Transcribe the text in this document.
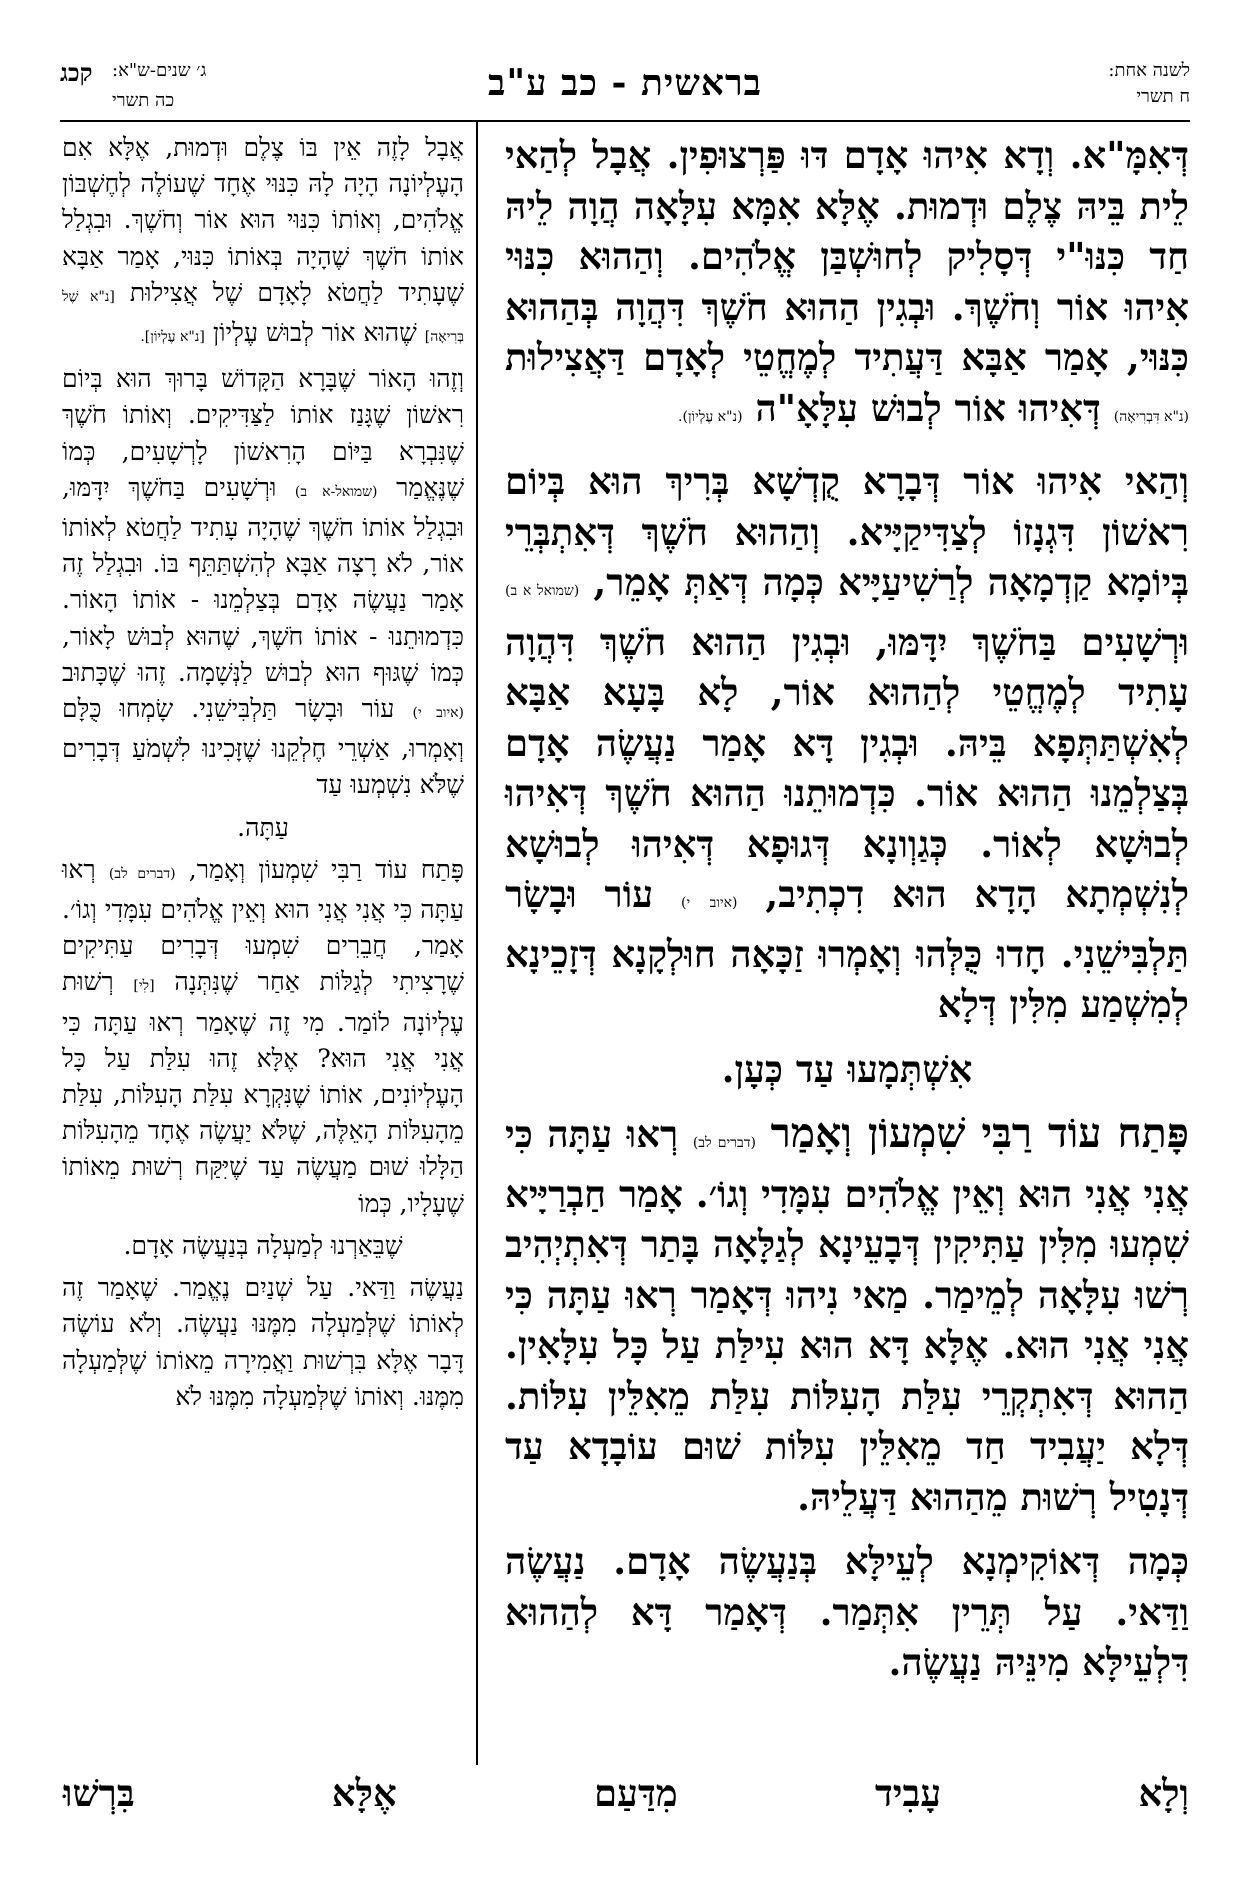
לשנה אחת:
ח תשרי
בראשית - כב ע"ב
ג׳ שנים-ש"א:
כה תשרי
קכג

דְּאִמָּ"א. וְדָא אִיהוּ אָדָם דּוּ פַּרְצוּפִין. אֲבָל לְהַאי לֵית בֵּיהּ צֶלֶם וּדְמוּת. אֶלָּא אִמָּא עִלָּאָה הֲוָה לֵיהּ חַד כִּנּוּ"י דְּסָלִיק לְחוּשְׁבַּן אֱלֹהִים. וְהַהוּא כִּנּוּי אִיהוּ אוֹר וְחֹשֶׁךְ. וּבְגִין הַהוּא חֹשֶׁךְ דִּהֲוָה בְּהַהוּא כִּנּוּי, אָמַר אַבָּא דַּעֲתִיד לְמֶחֱטֵי לְאָדָם דַּאֲצִילוּת (נ"א דִּבְרִיאָה) דְּאִיהוּ אוֹר לְבוּשׁ עִלָּאָ"ה (נ"א עֶלְיוֹן).

וְהַאי אִיהוּ אוֹר דְּבָרָא קֻדְשָׁא בְּרִיךְ הוּא בְּיוֹם רִאשׁוֹן דִּגְנָזוֹ לְצַדִּיקַיָּיא. וְהַהוּא חֹשֶׁךְ דְּאִתְבְּרֵי בְּיוֹמָא קַדְמָאָה לְרַשִׁיעַיָּיא כְּמָה דְּאַתְּ אָמֵר, (שמואל א ב) וּרְשָׁעִים בַּחֹשֶׁךְ יִדָּמּוּ, וּבְגִין הַהוּא חֹשֶׁךְ דִּהֲוָה עָתִיד לְמֶחֱטֵי לְהַהוּא אוֹר, לָא בָּעָא אַבָּא לְאִשְׁתַּתְּפָא בֵּיהּ. וּבְגִין דָּא אָמַר נַעֲשֶׂה אָדָם בְּצַלְמֵנוּ הַהוּא אוֹר. כִּדְמוּתֵנוּ הַהוּא חֹשֶׁךְ דְּאִיהוּ לְבוּשָׁא לְאוֹר. כְּגַוְונָא דְּגוּפָא דְּאִיהוּ לְבוּשָׁא לְנִשְׁמְתָא הָדָא הוּא דִכְתִיב, (איוב י) עוֹר וּבָשָׂר תַּלְבִּישֵׁנִי. חָדוּ כֻּלְּהוּ וְאָמְרוּ זַכָּאָה חוּלְקָנָא דְּזָכֵינָא לְמִשְׁמַע מִלִּין דְּלָא

אִשְׁתְּמָעוּ עַד כְּעָן.

פָּתַח עוֹד רַבִּי שִׁמְעוֹן וְאָמַר (דברים לב) רְאוּ עַתָּה כִּי אֲנִי אֲנִי הוּא וְאֵין אֱלֹהִים עִמָּדִי וְגוֹ׳. אָמַר חַבְרַיָּיא שִׁמְעוּ מִלִּין עַתִּיקִין דְּבָעֵינָא לְגַלָּאָה בָּתַר דְּאִתְיְהִיב רְשׁוּ עִלָּאָה לְמֵימַר. מַאי נִיהוּ דְּאָמַר רְאוּ עַתָּה כִּי אֲנִי אֲנִי הוּא. אֶלָּא דָּא הוּא עִילַּת עַל כָּל עִלָּאִין. הַהוּא דְּאִתְקְרֵי עִלַּת הָעִלּוֹת עִלַּת מֵאִלֵּין עִלּוֹת. דְּלָא יַעֲבִיד חַד מֵאִלֵּין עִלּוֹת שׁוּם עוֹבָדָא עַד דְּנָטִיל רְשׁוּת מֵהַהוּא דַּעֲלֵיהּ.

כְּמָה דְּאוֹקִימְנָא לְעֵילָּא בְּנַעֲשֶׂה אָדָם. נַעֲשֶׂה וַדַּאי. עַל תְּרֵין אִתְּמַר. דְּאָמַר דָּא לְהַהוּא דִּלְעֵילָּא מִינֵּיהּ נַעֲשֶׂה.

אֲבָל לָזֶה אֵין בּוֹ צֶלֶם וּדְמוּת, אֶלָּא אִם הָעֶלְיוֹנָה הָיָה לָהּ כִּנּוּי אֶחָד שֶׁעוֹלֶה לְחֶשְׁבּוֹן אֱלֹהִים, וְאוֹתוֹ כִּנּוּי הוּא אוֹר וְחֹשֶׁךְ. וּבִגְלַל אוֹתוֹ חֹשֶׁךְ שֶׁהָיָה בְּאוֹתוֹ כִּנּוּי, אָמַר אַבָּא שֶׁעָתִיד לַחֲטֹא לָאָדָם שֶׁל אֲצִילוּת [נ"א שֶׁל בְּרִיאָה] שֶׁהוּא אוֹר לְבוּשׁ עֶלְיוֹן [נ"א עֶלְיוֹן].

וְזֶהוּ הָאוֹר שֶׁבָּרָא הַקָּדוֹשׁ בָּרוּךְ הוּא בְּיוֹם רִאשׁוֹן שֶׁגָּנַז אוֹתוֹ לַצַּדִּיקִים. וְאוֹתוֹ חֹשֶׁךְ שֶׁנִּבְרָא בַּיּוֹם הָרִאשׁוֹן לָרְשָׁעִים, כְּמוֹ שֶׁנֶּאֱמַר (שמואל-א ב) וּרְשָׁעִים בַּחֹשֶׁךְ יִדָּמּוּ, וּבִגְלַל אוֹתוֹ חֹשֶׁךְ שֶׁהָיָה עָתִיד לַחֲטֹא לְאוֹתוֹ אוֹר, לֹא רָצָה אַבָּא לְהִשְׁתַּתֵּף בּוֹ. וּבִגְלַל זֶה אָמַר נַעֲשֶׂה אָדָם בְּצַלְמֵנוּ - אוֹתוֹ הָאוֹר. כִּדְמוּתֵנוּ - אוֹתוֹ חֹשֶׁךְ, שֶׁהוּא לְבוּשׁ לָאוֹר, כְּמוֹ שֶׁגּוּף הוּא לְבוּשׁ לַנְּשָׁמָה. זֶהוּ שֶׁכָּתוּב (איוב י) עוֹר וּבָשָׂר תַּלְבִּישֵׁנִי. שָׂמְחוּ כֻּלָּם וְאָמְרוּ, אַשְׁרֵי חֶלְקֵנוּ שֶׁזָּכִינוּ לִשְׁמֹעַ דְּבָרִים שֶׁלֹּא נִשְׁמְעוּ עַד

עַתָּה.

פָּתַח עוֹד רַבִּי שִׁמְעוֹן וְאָמַר, (דברים לב) רְאוּ עַתָּה כִּי אֲנִי אֲנִי הוּא וְאֵין אֱלֹהִים עִמָּדִי וְגוֹ׳. אָמַר, חֲבֵרִים שִׁמְעוּ דְּבָרִים עַתִּיקִים שֶׁרָצִיתִי לְגַלּוֹת אַחַר שֶׁנִּתְּנָה [לִי] רְשׁוּת עֶלְיוֹנָה לוֹמַר. מִי זֶה שֶׁאָמַר רְאוּ עַתָּה כִּי אֲנִי אֲנִי הוּא? אֶלָּא זֶהוּ עִלַּת עַל כָּל הָעֶלְיוֹנִים, אוֹתוֹ שֶׁנִּקְרָא עִלַּת הָעִלּוֹת, עִלַּת מֵהָעִלּוֹת הָאֵלֶּה, שֶׁלֹּא יַעֲשֶׂה אֶחָד מֵהָעִלּוֹת הַלָּלוּ שׁוּם מַעֲשֶׂה עַד שֶׁיִּקַּח רְשׁוּת מֵאוֹתוֹ שֶׁעָלָיו, כְּמוֹ

שֶׁבֵּאַרְנוּ לְמַעְלָה בְּנַעֲשֶׂה אָדָם.

נַעֲשֶׂה וַדַּאי. עַל שְׁנַיִם נֶאֱמַר. שֶׁאָמַר זֶה לְאוֹתוֹ שֶׁלְּמַעְלָה מִמֶּנּוּ נַעֲשֶׂה. וְלֹא עוֹשֶׂה דָּבָר אֶלָּא בִּרְשׁוּת וַאֲמִירָה מֵאוֹתוֹ שֶׁלְּמַעְלָה מִמֶּנּוּ. וְאוֹתוֹ שֶׁלְּמַעְלָה מִמֶּנּוּ לֹא

וְלָא עָבִיד מִדַּעַם אֶלָּא בִּרְשׁוּ
